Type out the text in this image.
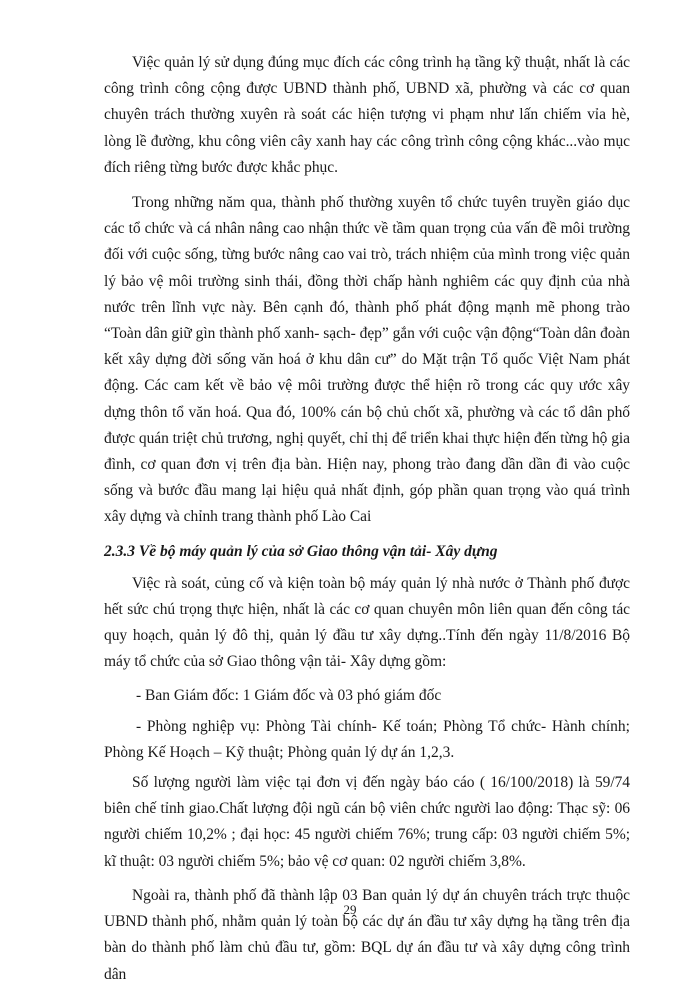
Việc quản lý sử dụng đúng mục đích các công trình hạ tầng kỹ thuật, nhất là các công trình công cộng được UBND thành phố, UBND xã, phường và các cơ quan chuyên trách thường xuyên rà soát các hiện tượng vi phạm như lấn chiếm vỉa hè, lòng lề đường, khu công viên cây xanh hay các công trình công cộng khác...vào mục đích riêng từng bước được khắc phục.

Trong những năm qua, thành phố thường xuyên tổ chức tuyên truyền giáo dục các tổ chức và cá nhân nâng cao nhận thức về tầm quan trọng của vấn đề môi trường đối với cuộc sống, từng bước nâng cao vai trò, trách nhiệm của mình trong việc quản lý bảo vệ môi trường sinh thái, đồng thời chấp hành nghiêm các quy định của nhà nước trên lĩnh vực này. Bên cạnh đó, thành phố phát động mạnh mẽ phong trào “Toàn dân giữ gìn thành phố xanh- sạch- đẹp” gắn với cuộc vận động“Toàn dân đoàn kết xây dựng đời sống văn hoá ở khu dân cư” do Mặt trận Tổ quốc Việt Nam phát động. Các cam kết về bảo vệ môi trường được thể hiện rõ trong các quy ước xây dựng thôn tổ văn hoá. Qua đó, 100% cán bộ chủ chốt xã, phường và các tổ dân phố được quán triệt chủ trương, nghị quyết, chỉ thị để triển khai thực hiện đến từng hộ gia đình, cơ quan đơn vị trên địa bàn. Hiện nay, phong trào đang dần dần đi vào cuộc sống và bước đầu mang lại hiệu quả nhất định, góp phần quan trọng vào quá trình xây dựng và chỉnh trang thành phố Lào Cai

2.3.3 Về bộ máy quản lý của sở Giao thông vận tải- Xây dựng

Việc rà soát, củng cố và kiện toàn bộ máy quản lý nhà nước ở Thành phố được hết sức chú trọng thực hiện, nhất là các cơ quan chuyên môn liên quan đến công tác quy hoạch, quản lý đô thị, quản lý đầu tư xây dựng..Tính đến ngày 11/8/2016 Bộ máy tổ chức của sở Giao thông vận tải- Xây dựng gồm:

- Ban Giám đốc: 1 Giám đốc và 03 phó giám đốc

- Phòng nghiệp vụ: Phòng Tài chính- Kế toán; Phòng Tổ chức- Hành chính; Phòng Kế Hoạch – Kỹ thuật; Phòng quản lý dự án 1,2,3.

Số lượng người làm việc tại đơn vị đến ngày báo cáo ( 16/100/2018) là 59/74 biên chế tỉnh giao.Chất lượng đội ngũ cán bộ viên chức người lao động: Thạc sỹ: 06 người chiếm 10,2% ; đại học: 45 người chiếm 76%; trung cấp: 03 người chiếm 5%; kĩ thuật: 03 người chiếm 5%; bảo vệ cơ quan: 02 người chiếm 3,8%.

Ngoài ra, thành phố đã thành lập 03 Ban quản lý dự án chuyên trách trực thuộc UBND thành phố, nhằm quản lý toàn bộ các dự án đầu tư xây dựng hạ tầng trên địa bàn do thành phố làm chủ đầu tư, gồm: BQL dự án đầu tư và xây dựng công trình dân

29
